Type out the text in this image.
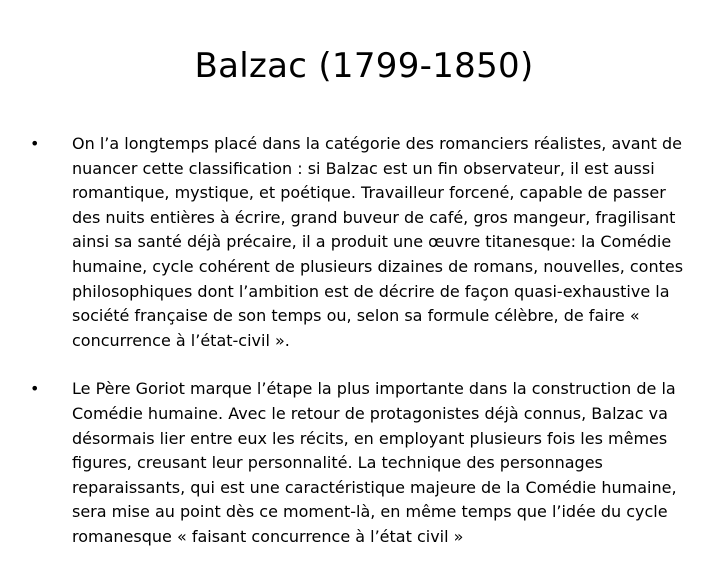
Balzac (1799-1850)
• On l’a longtemps placé dans la catégorie des romanciers réalistes, avant de nuancer cette classification : si Balzac est un fin observateur, il est aussi romantique, mystique, et poétique. Travailleur forcené, capable de passer des nuits entières à écrire, grand buveur de café, gros mangeur, fragilisant ainsi sa santé déjà précaire, il a produit une œuvre titanesque: la Comédie humaine, cycle cohérent de plusieurs dizaines de romans, nouvelles, contes philosophiques dont l’ambition est de décrire de façon quasi-exhaustive la société française de son temps ou, selon sa formule célèbre, de faire « concurrence à l’état-civil ».
• Le Père Goriot marque l’étape la plus importante dans la construction de la Comédie humaine. Avec le retour de protagonistes déjà connus, Balzac va désormais lier entre eux les récits, en employant plusieurs fois les mêmes figures, creusant leur personnalité. La technique des personnages reparaissants, qui est une caractéristique majeure de la Comédie humaine, sera mise au point dès ce moment-là, en même temps que l’idée du cycle romanesque « faisant concurrence à l’état civil »
